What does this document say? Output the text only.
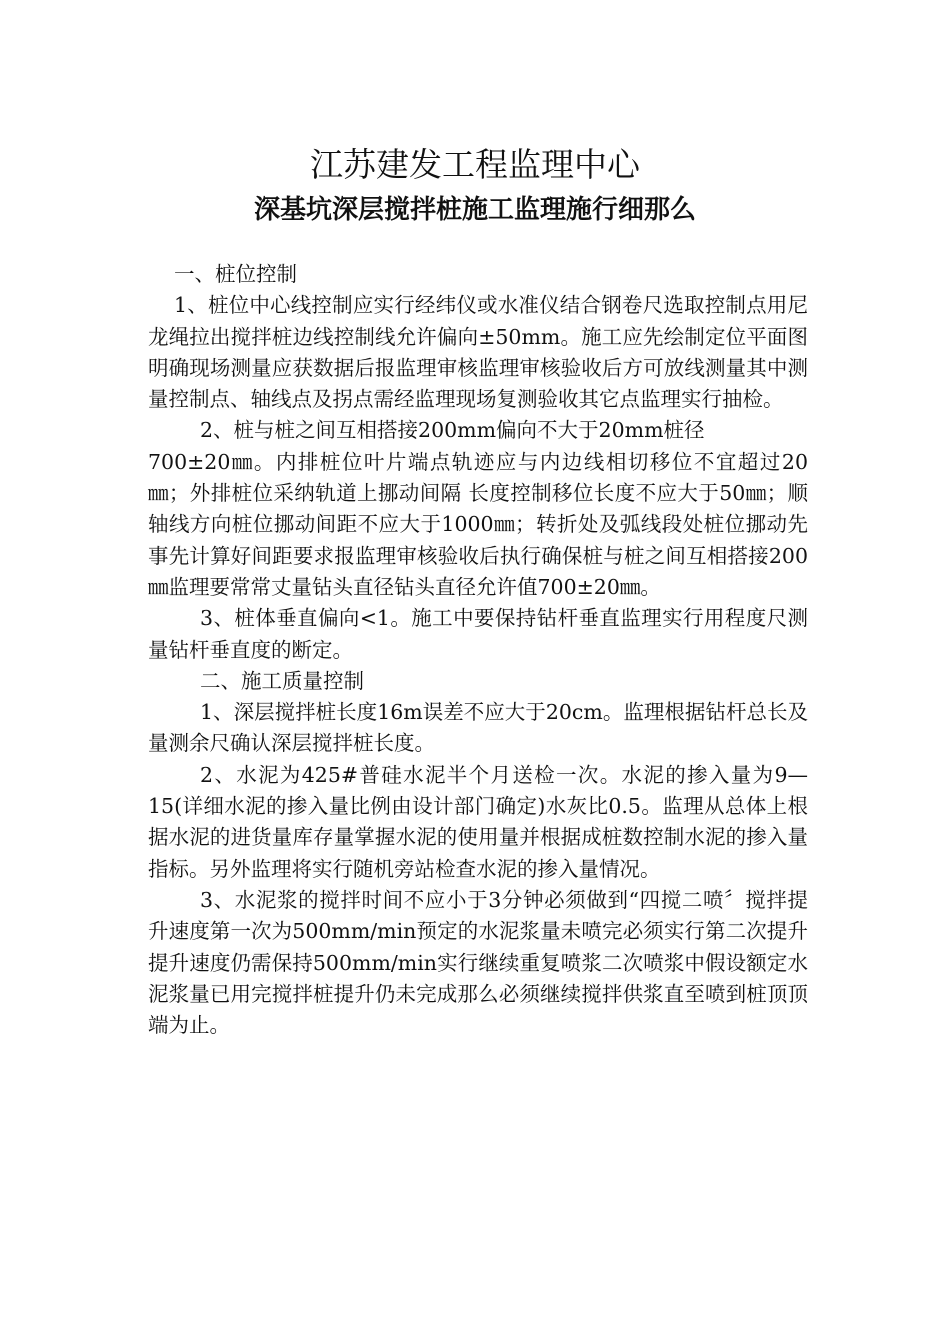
江苏建发工程监理中心
深基坑深层搅拌桩施工监理施行细那么

一、桩位控制

1、桩位中心线控制应实行经纬仪或水准仪结合钢卷尺选取控制点用尼龙绳拉出搅拌桩边线控制线允许偏向±50mm。施工应先绘制定位平面图明确现场测量应获数据后报监理审核监理审核验收后方可放线测量其中测量控制点、轴线点及拐点需经监理现场复测验收其它点监理实行抽检。

2、桩与桩之间互相搭接200mm偏向不大于20mm桩径

700±20㎜。内排桩位叶片端点轨迹应与内边线相切移位不宜超过20㎜；外排桩位采纳轨道上挪动间隔 长度控制移位长度不应大于50㎜；顺轴线方向桩位挪动间距不应大于1000㎜；转折处及弧线段处桩位挪动先事先计算好间距要求报监理审核验收后执行确保桩与桩之间互相搭接200㎜监理要常常丈量钻头直径钻头直径允许值700±20㎜。

3、桩体垂直偏向<1。施工中要保持钻杆垂直监理实行用程度尺测量钻杆垂直度的断定。

二、施工质量控制

1、深层搅拌桩长度16m误差不应大于20cm。监理根据钻杆总长及量测余尺确认深层搅拌桩长度。

2、水泥为425#普硅水泥半个月送检一次。水泥的掺入量为9—15(详细水泥的掺入量比例由设计部门确定)水灰比0.5。监理从总体上根据水泥的进货量库存量掌握水泥的使用量并根据成桩数控制水泥的掺入量指标。另外监理将实行随机旁站检查水泥的掺入量情况。

3、水泥浆的搅拌时间不应小于3分钟必须做到“四搅二喷〞搅拌提升速度第一次为500mm/min预定的水泥浆量未喷完必须实行第二次提升提升速度仍需保持500mm/min实行继续重复喷浆二次喷浆中假设额定水泥浆量已用完搅拌桩提升仍未完成那么必须继续搅拌供浆直至喷到桩顶顶端为止。
